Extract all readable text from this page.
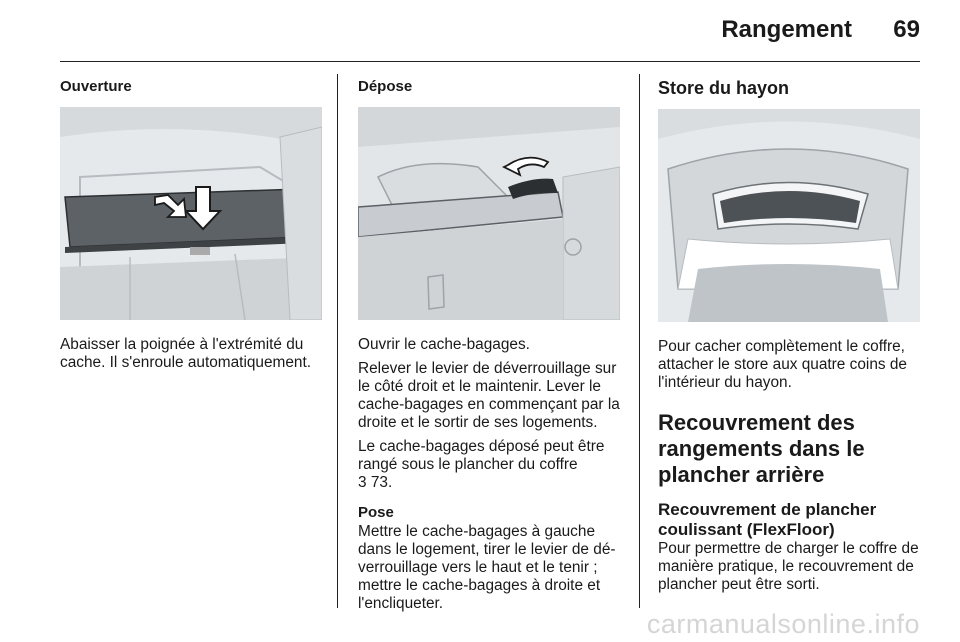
Rangement 69
Ouverture

Abaisser la poignée à l'extrémité du cache. Il s'enroule automatiquement.

Dépose

Ouvrir le cache-bagages.

Relever le levier de déverrouillage sur le côté droit et le maintenir. Lever le cache-bagages en commençant par la droite et le sortir de ses logements.

Le cache-bagages déposé peut être rangé sous le plancher du coffre
3 73.

Pose

Mettre le cache-bagages à gauche dans le logement, tirer le levier de dé-verrouillage vers le haut et le tenir ; mettre le cache-bagages à droite et l'encliqueter.

Store du hayon

Pour cacher complètement le coffre, attacher le store aux quatre coins de l'intérieur du hayon.

Recouvrement des rangements dans le plancher arrière
Recouvrement de plancher coulissant (FlexFloor)

Pour permettre de charger le coffre de manière pratique, le recouvrement de plancher peut être sorti.

carmanualsonline.info
